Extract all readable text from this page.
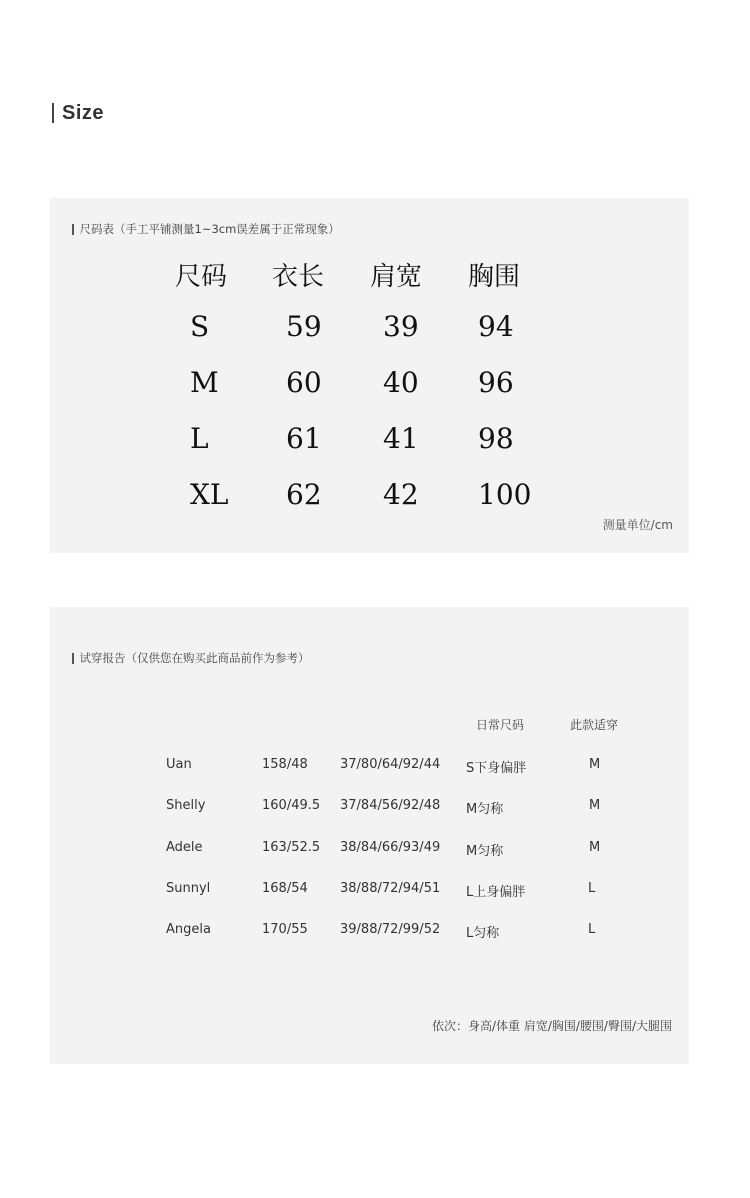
Size
尺码表（手工平铺测量1~3cm误差属于正常现象）
尺码 衣长 肩宽 胸围
S	59 39 94
M 60 40 96
L	61 41 98
XL 62 42 100
测量单位/cm
试穿报告（仅供您在购买此商品前作为参考）
日常尺码	此款适穿
Uan	158/48 37/80/64/92/44 S下身偏胖	M
Shelly	160/49.5 37/84/56/92/48 M匀称	M
Adele	163/52.5 38/84/66/93/49 M匀称	M
Sunnyl	168/54 38/88/72/94/51 L上身偏胖	L
Angela	170/55 39/88/72/99/52 L匀称	L
依次：身高/体重 肩宽/胸围/腰围/臀围/大腿围
